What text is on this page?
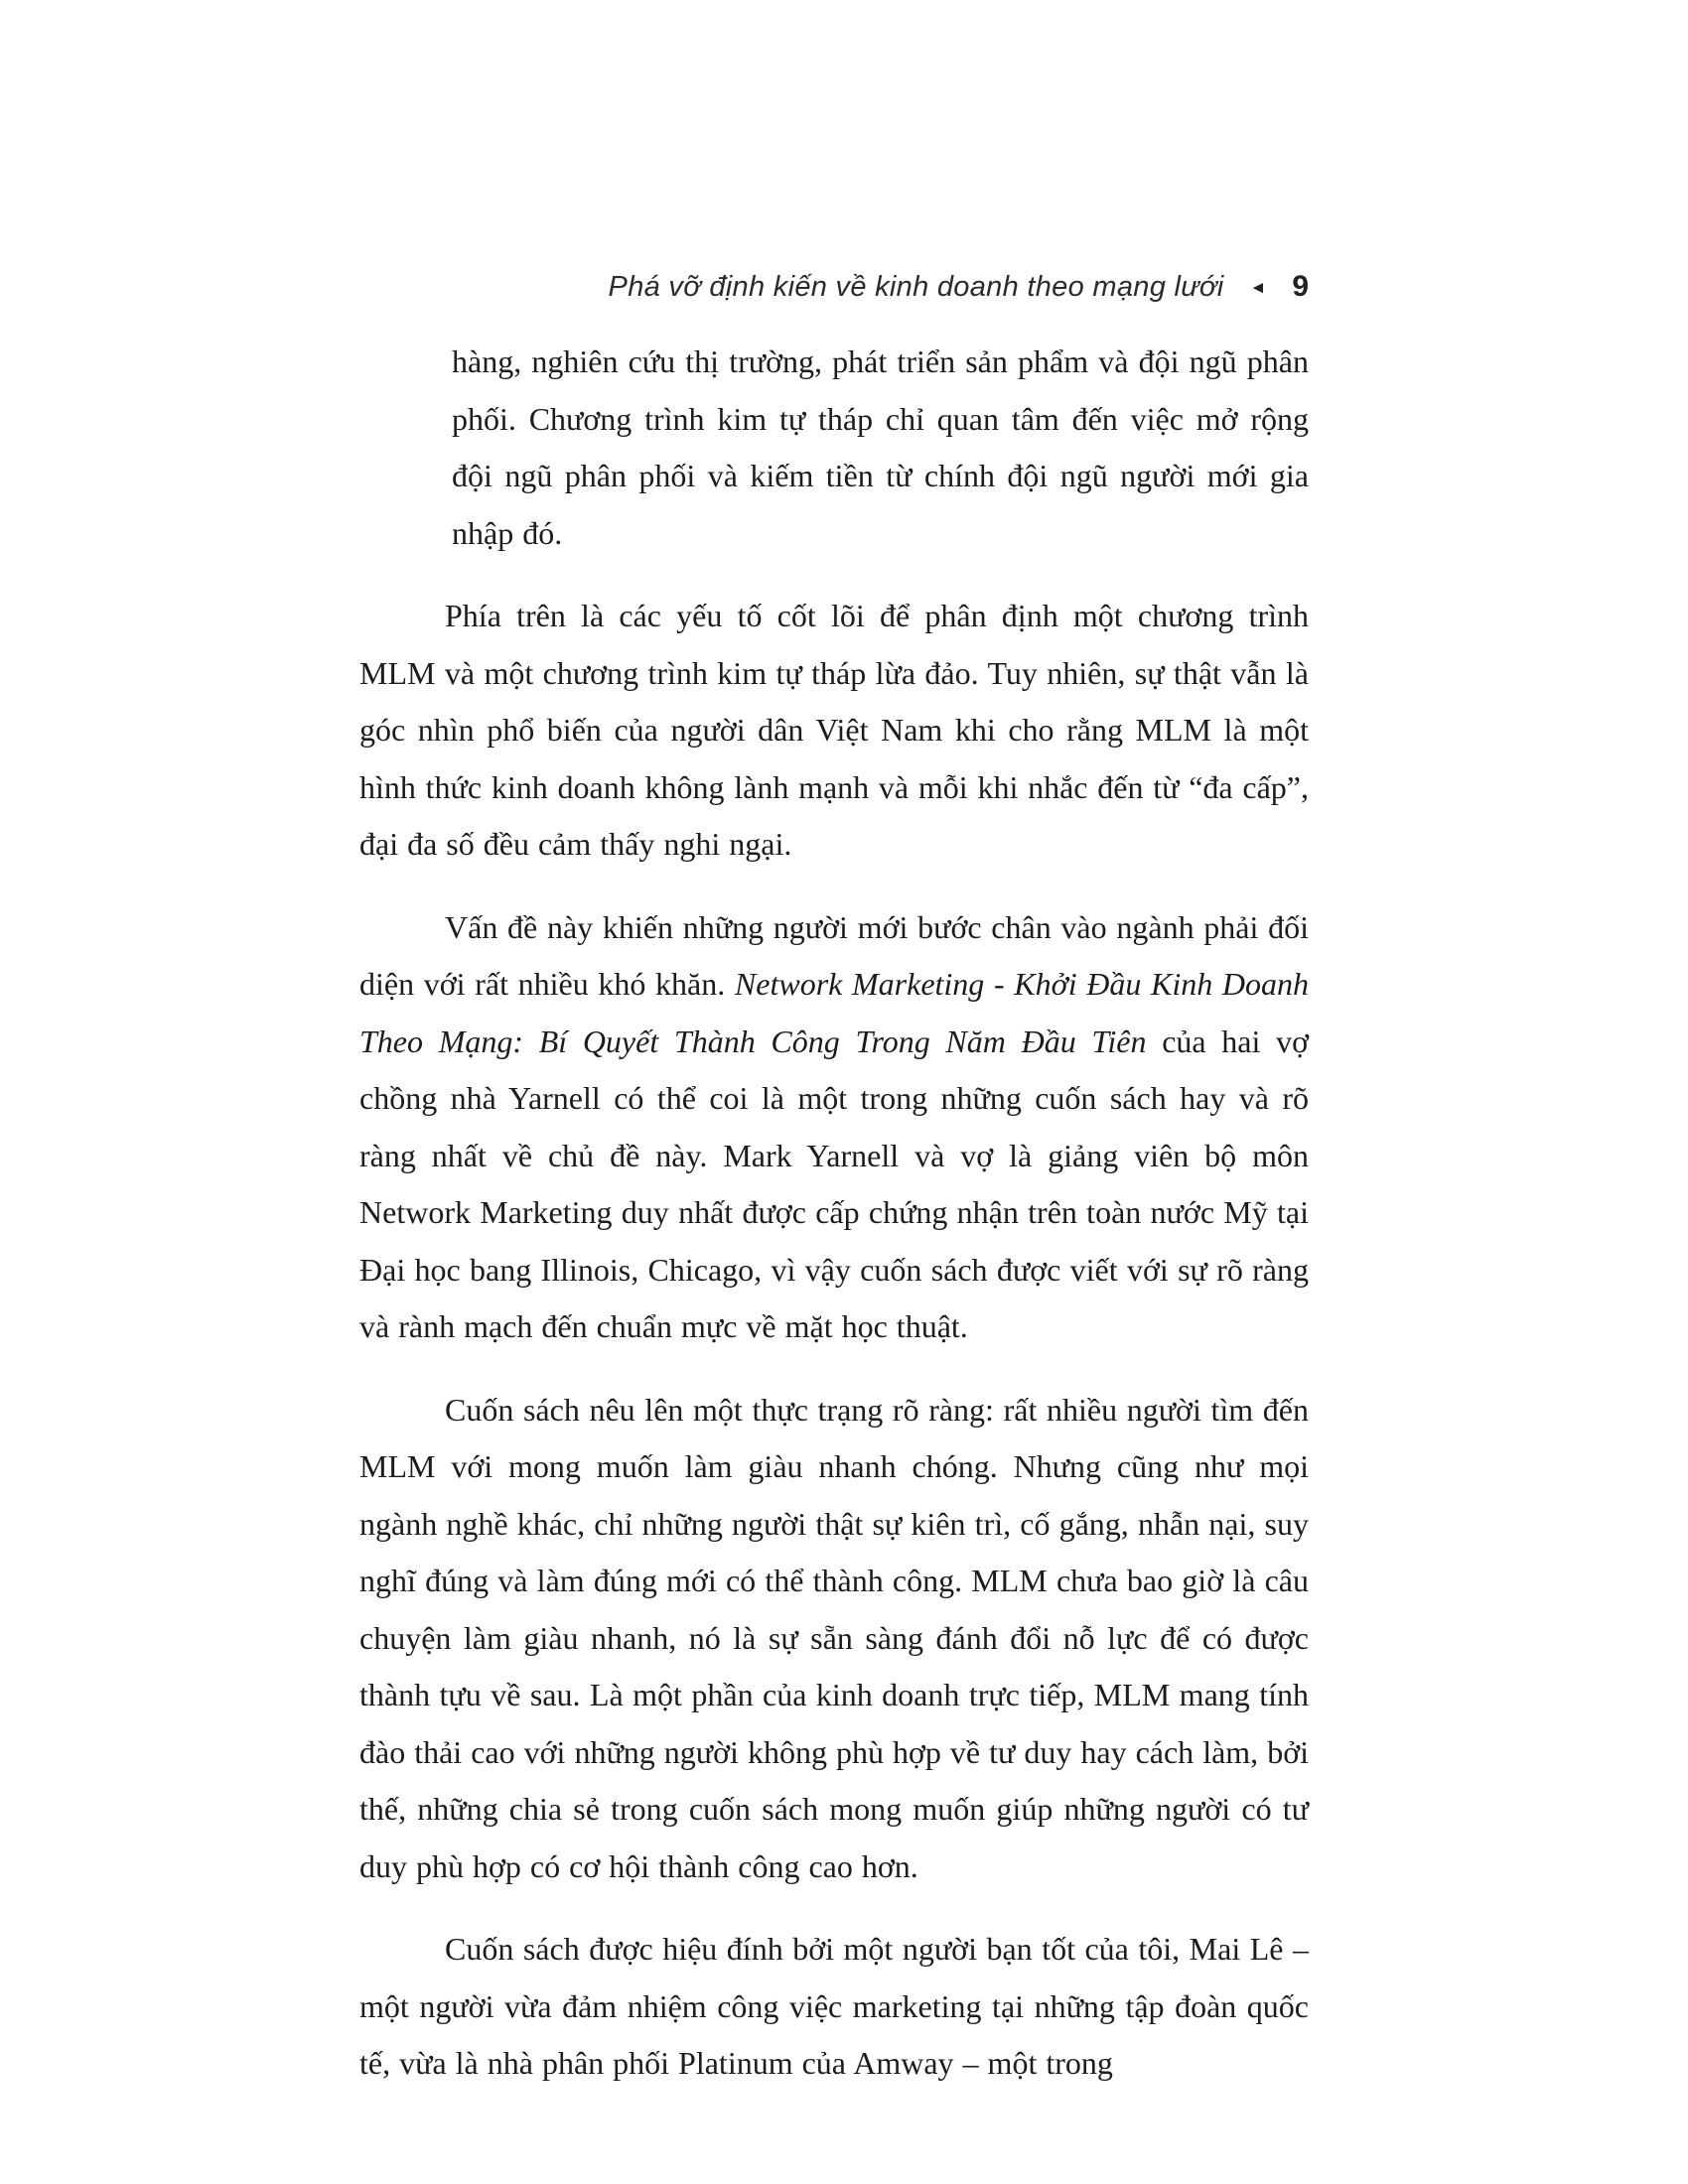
Phá vỡ định kiến về kinh doanh theo mạng lưới ◄ 9

hàng, nghiên cứu thị trường, phát triển sản phẩm và đội ngũ phân phối. Chương trình kim tự tháp chỉ quan tâm đến việc mở rộng đội ngũ phân phối và kiếm tiền từ chính đội ngũ người mới gia nhập đó.

Phía trên là các yếu tố cốt lõi để phân định một chương trình MLM và một chương trình kim tự tháp lừa đảo. Tuy nhiên, sự thật vẫn là góc nhìn phổ biến của người dân Việt Nam khi cho rằng MLM là một hình thức kinh doanh không lành mạnh và mỗi khi nhắc đến từ “đa cấp”, đại đa số đều cảm thấy nghi ngại.

Vấn đề này khiến những người mới bước chân vào ngành phải đối diện với rất nhiều khó khăn. Network Marketing - Khởi Đầu Kinh Doanh Theo Mạng: Bí Quyết Thành Công Trong Năm Đầu Tiên của hai vợ chồng nhà Yarnell có thể coi là một trong những cuốn sách hay và rõ ràng nhất về chủ đề này. Mark Yarnell và vợ là giảng viên bộ môn Network Marketing duy nhất được cấp chứng nhận trên toàn nước Mỹ tại Đại học bang Illinois, Chicago, vì vậy cuốn sách được viết với sự rõ ràng và rành mạch đến chuẩn mực về mặt học thuật.

Cuốn sách nêu lên một thực trạng rõ ràng: rất nhiều người tìm đến MLM với mong muốn làm giàu nhanh chóng. Nhưng cũng như mọi ngành nghề khác, chỉ những người thật sự kiên trì, cố gắng, nhẫn nại, suy nghĩ đúng và làm đúng mới có thể thành công. MLM chưa bao giờ là câu chuyện làm giàu nhanh, nó là sự sẵn sàng đánh đổi nỗ lực để có được thành tựu về sau. Là một phần của kinh doanh trực tiếp, MLM mang tính đào thải cao với những người không phù hợp về tư duy hay cách làm, bởi thế, những chia sẻ trong cuốn sách mong muốn giúp những người có tư duy phù hợp có cơ hội thành công cao hơn.

Cuốn sách được hiệu đính bởi một người bạn tốt của tôi, Mai Lê – một người vừa đảm nhiệm công việc marketing tại những tập đoàn quốc tế, vừa là nhà phân phối Platinum của Amway – một trong
